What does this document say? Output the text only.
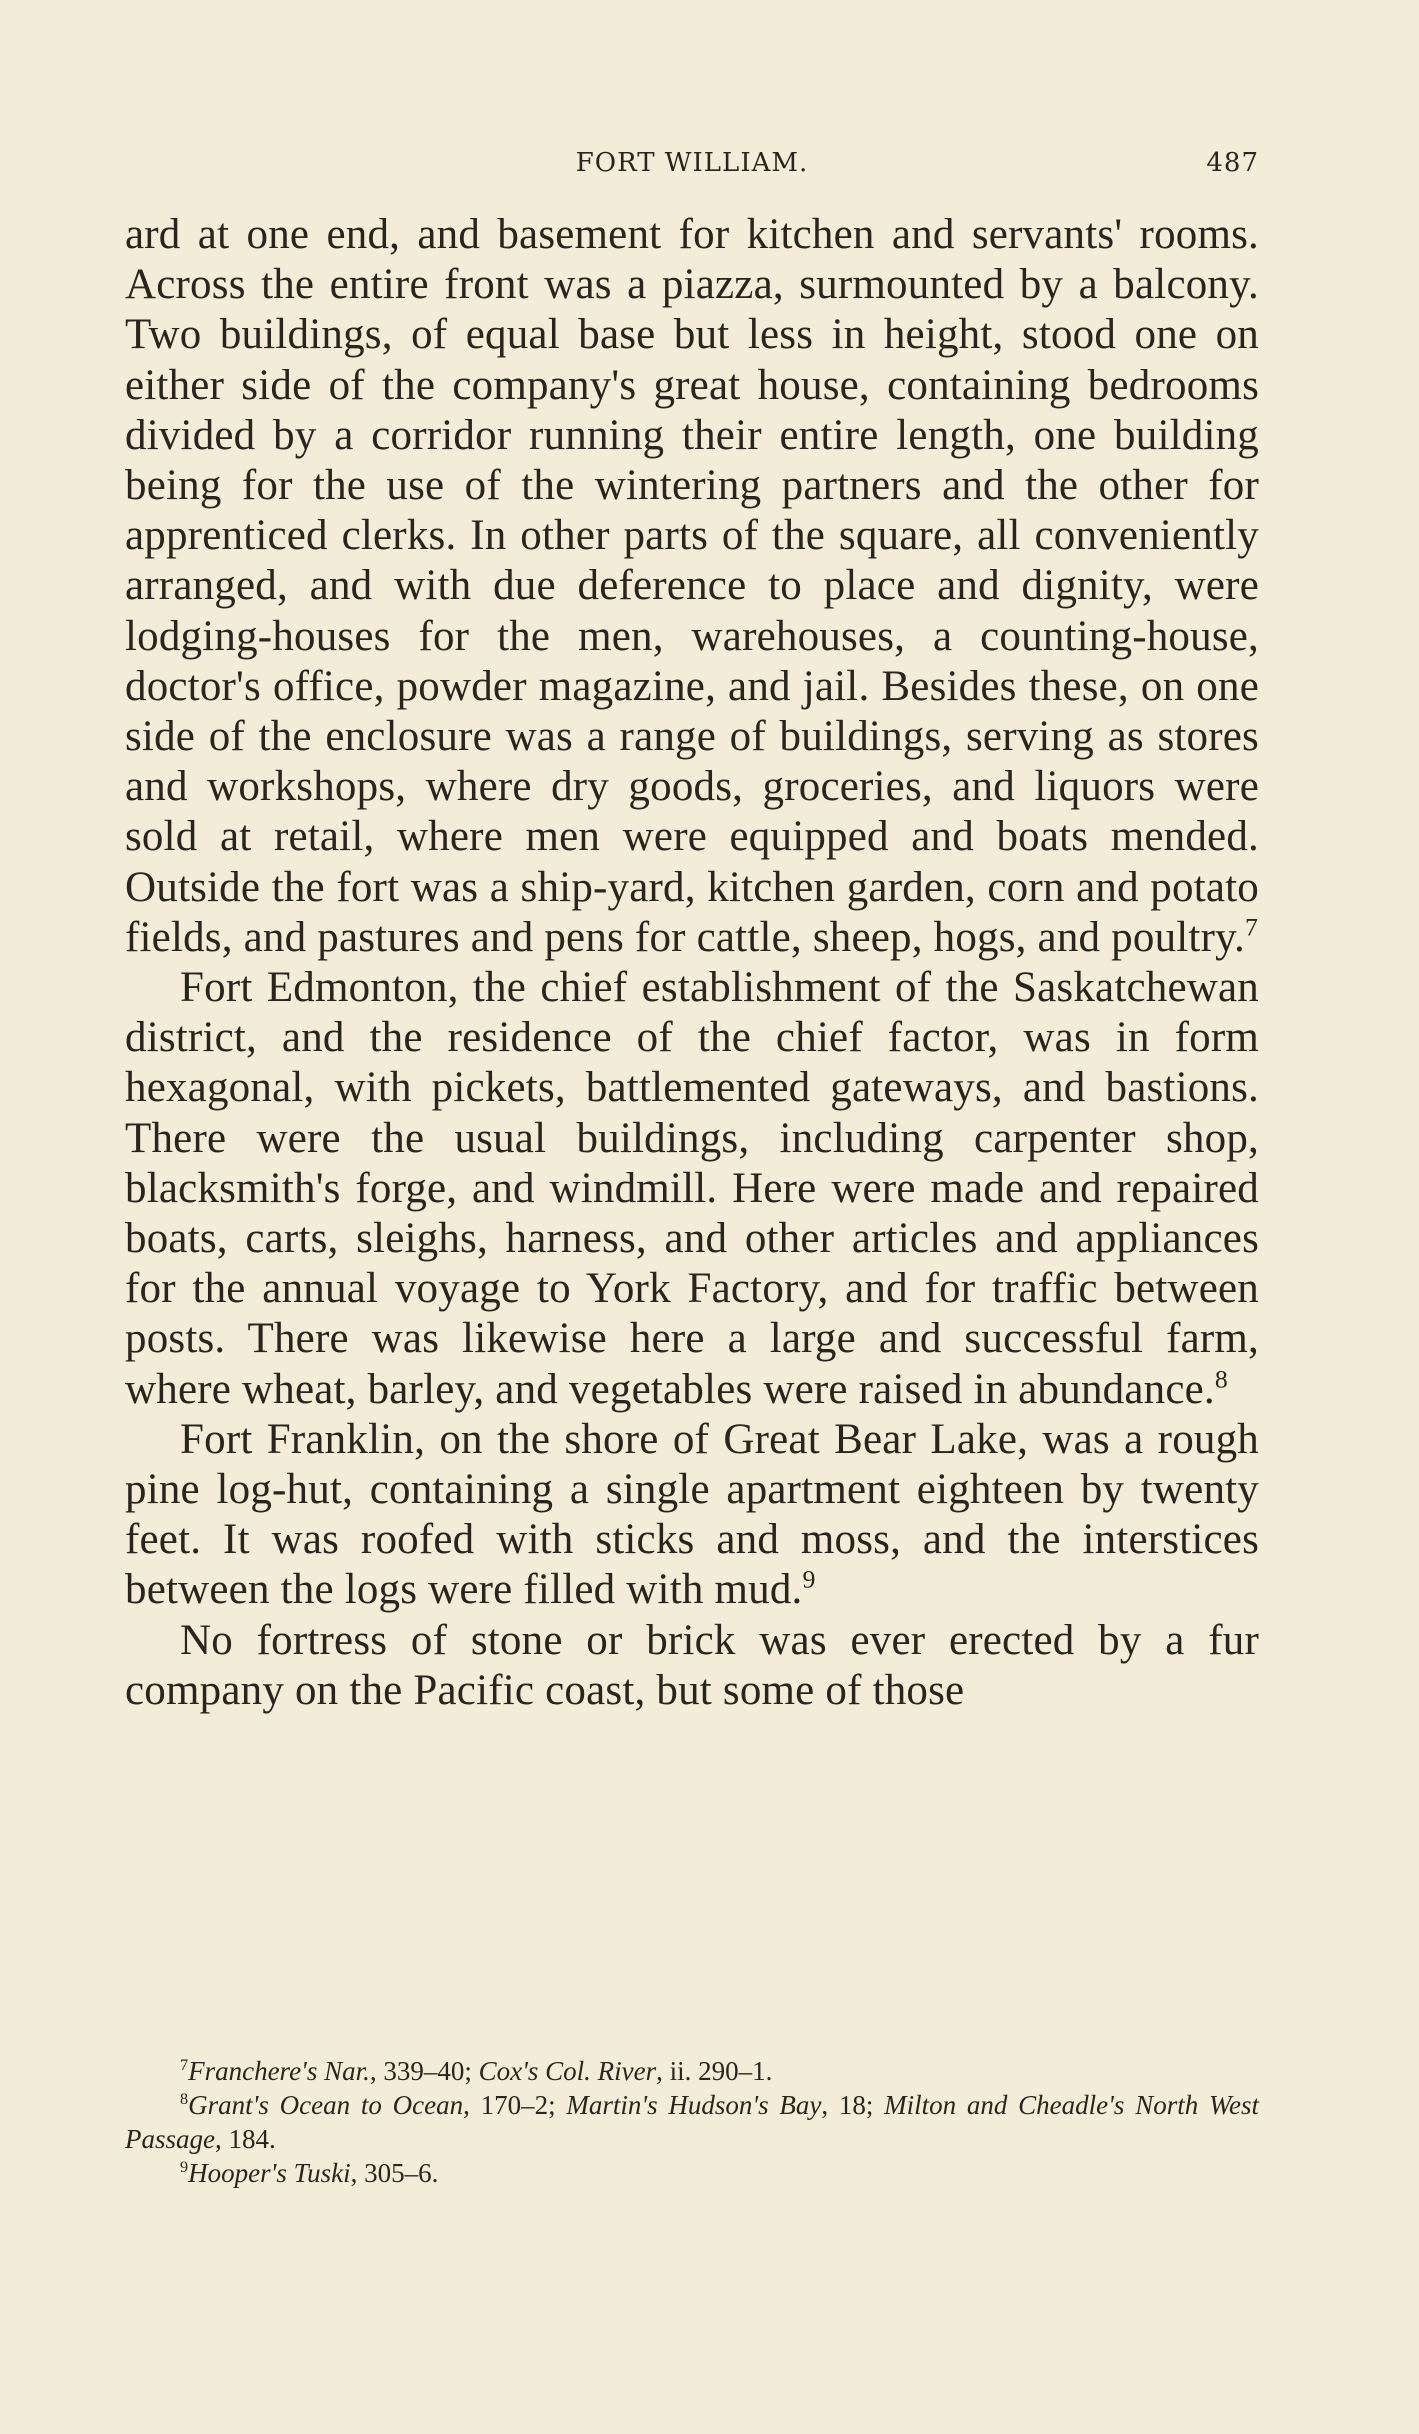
FORT WILLIAM.	487

ard at one end, and basement for kitchen and servants' rooms. Across the entire front was a piazza, surmounted by a balcony. Two buildings, of equal base but less in height, stood one on either side of the company's great house, containing bedrooms divided by a corridor running their entire length, one building being for the use of the wintering partners and the other for apprenticed clerks. In other parts of the square, all conveniently arranged, and with due deference to place and dignity, were lodging-houses for the men, warehouses, a counting-house, doctor's office, powder magazine, and jail. Besides these, on one side of the enclosure was a range of buildings, serving as stores and workshops, where dry goods, groceries, and liquors were sold at retail, where men were equipped and boats mended. Outside the fort was a ship-yard, kitchen garden, corn and potato fields, and pastures and pens for cattle, sheep, hogs, and poultry.$^7$

Fort Edmonton, the chief establishment of the Saskatchewan district, and the residence of the chief factor, was in form hexagonal, with pickets, battlemented gateways, and bastions. There were the usual buildings, including carpenter shop, blacksmith's forge, and windmill. Here were made and repaired boats, carts, sleighs, harness, and other articles and appliances for the annual voyage to York Factory, and for traffic between posts. There was likewise here a large and successful farm, where wheat, barley, and vegetables were raised in abundance.$^8$

Fort Franklin, on the shore of Great Bear Lake, was a rough pine log-hut, containing a single apartment eighteen by twenty feet. It was roofed with sticks and moss, and the interstices between the logs were filled with mud.$^9$

No fortress of stone or brick was ever erected by a fur company on the Pacific coast, but some of those

$^7$Franchere's Nar., 339–40; Cox's Col. River, ii. 290–1.

$^8$Grant's Ocean to Ocean, 170–2; Martin's Hudson's Bay, 18; Milton and Cheadle's North West Passage, 184.

$^9$Hooper's Tuski, 305–6.
